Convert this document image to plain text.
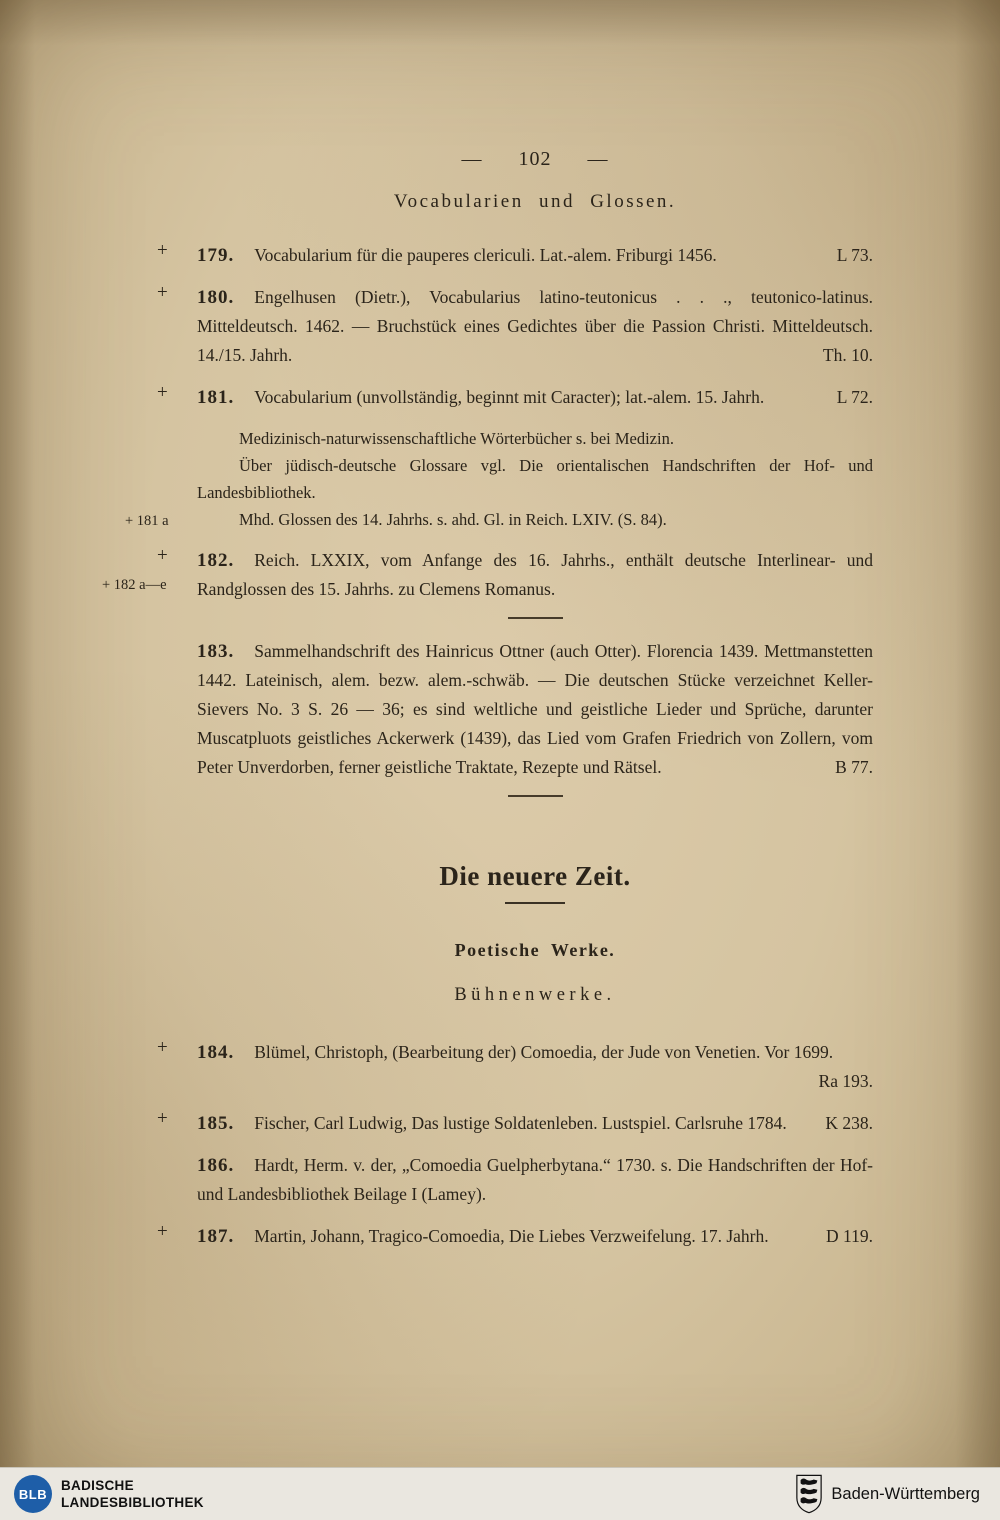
— 102 —
Vocabularien und Glossen.
+ 179. Vocabularium für die pauperes clericuli. Lat.-alem. Friburgi 1456.	L 73.

+ 180. Engelhusen (Dietr.), Vocabularius latino-teutonicus . . ., teutonico-latinus. Mitteldeutsch. 1462. — Bruchstück eines Gedichtes über die Passion Christi. Mitteldeutsch. 14./15. Jahrh.	Th. 10.

+ 181. Vocabularium (unvollständig, beginnt mit Caracter); lat.-alem. 15. Jahrh.	L 72.

Medizinisch-naturwissenschaftliche Wörterbücher s. bei Medizin.

Über jüdisch-deutsche Glossare vgl. Die orientalischen Handschriften der Hof- und Landesbibliothek.

+ 181 a	Mhd. Glossen des 14. Jahrhs. s. ahd. Gl. in Reich. LXIV. (S. 84).

+
+ 182 a—e

182. Reich. LXXIX, vom Anfange des 16. Jahrhs., enthält deutsche Interlinear- und Randglossen des 15. Jahrhs. zu Clemens Romanus.

183. Sammelhandschrift des Hainricus Ottner (auch Otter). Florencia 1439. Mettmanstetten 1442. Lateinisch, alem. bezw. alem.-schwäb. — Die deutschen Stücke verzeichnet Keller-Sievers No. 3 S. 26 — 36; es sind weltliche und geistliche Lieder und Sprüche, darunter Muscatpluots geistliches Ackerwerk (1439), das Lied vom Grafen Friedrich von Zollern, vom Peter Unverdorben, ferner geistliche Traktate, Rezepte und Rätsel.	B 77.

Die neuere Zeit.
Poetische Werke.
Bühnenwerke.
+ 184. Blümel, Christoph, (Bearbeitung der) Comoedia, der Jude von Venetien. Vor 1699.
Ra 193.

+ 185. Fischer, Carl Ludwig, Das lustige Soldatenleben. Lustspiel. Carlsruhe 1784.	K 238.

186. Hardt, Herm. v. der, „Comoedia Guelpherbytana.“ 1730. s. Die Handschriften der Hof- und Landesbibliothek Beilage I (Lamey).

+ 187. Martin, Johann, Tragico-Comoedia, Die Liebes Verzweifelung. 17. Jahrh.	D 119.

BLB
BADISCHE
LANDESBIBLIOTHEK	Baden-Württemberg
